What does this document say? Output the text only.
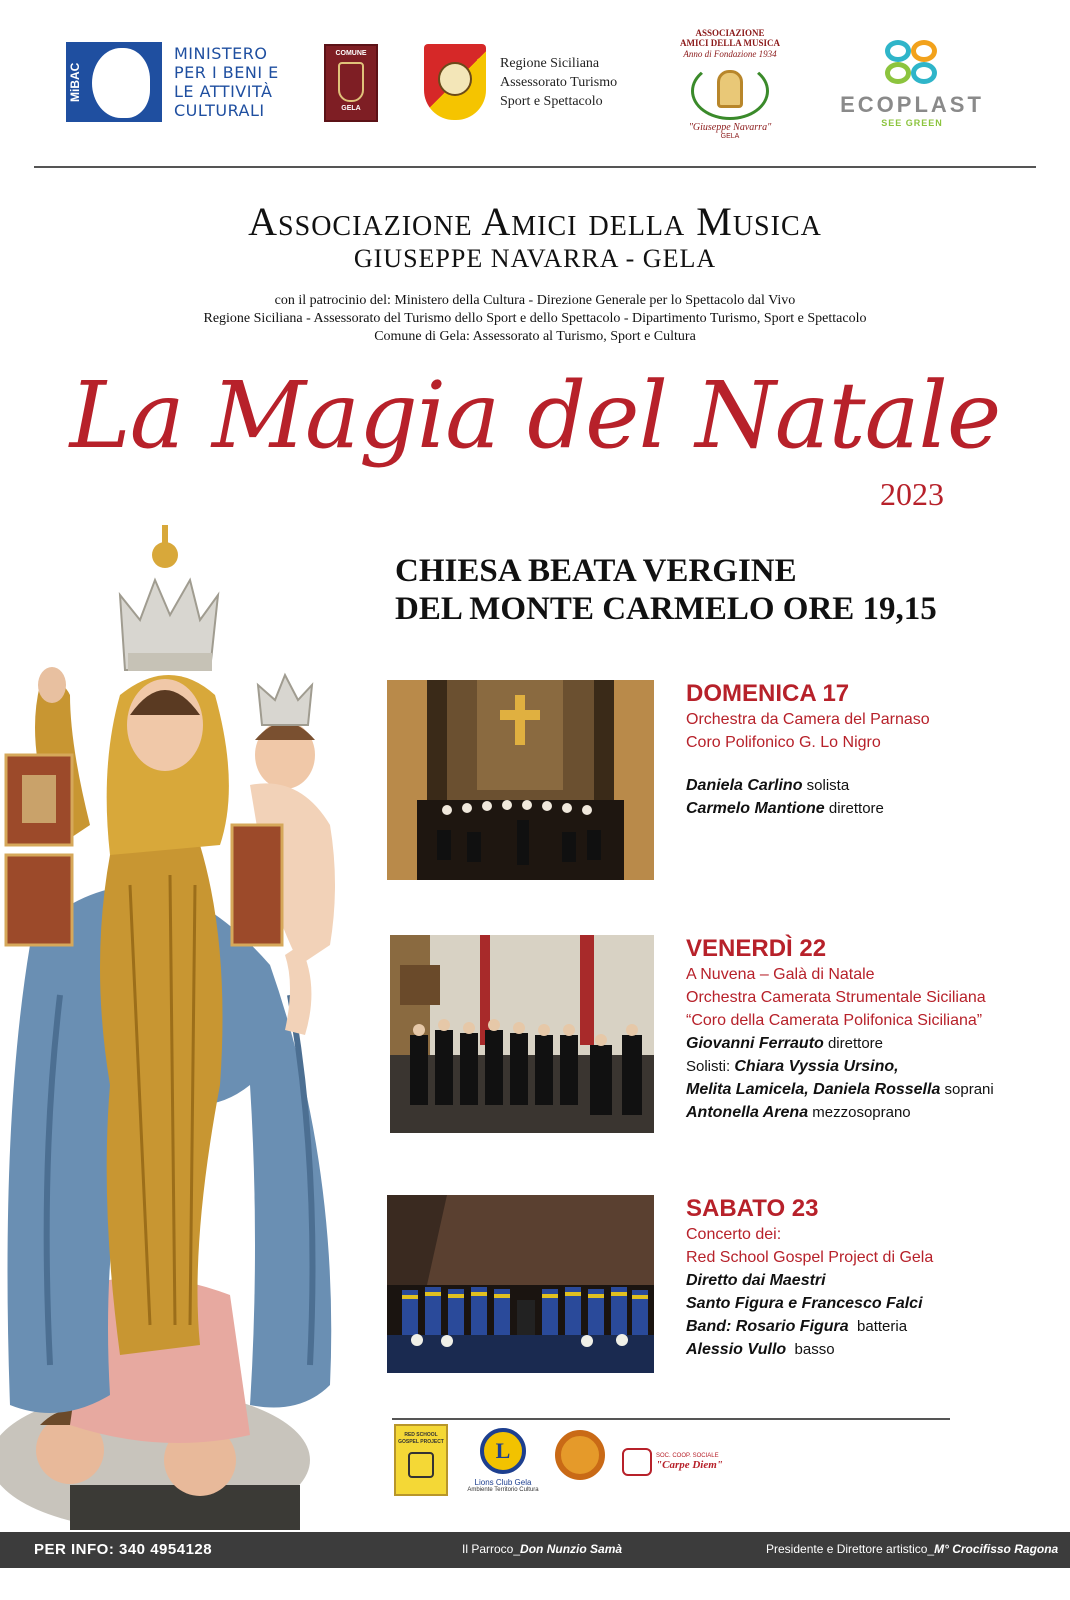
MiBAC
MINISTERO PER I BENI E LE ATTIVITÀ CULTURALI
COMUNE
GELA
Regione Siciliana
Assessorato Turismo
Sport e Spettacolo
ASSOCIAZIONE
AMICI DELLA MUSICA
Anno di Fondazione 1934
"Giuseppe Navarra"
GELA
ECOPLAST
SEE GREEN
Associazione Amici della Musica
GIUSEPPE NAVARRA - GELA
con il patrocinio del: Ministero della Cultura - Direzione Generale per lo Spettacolo dal Vivo
Regione Siciliana - Assessorato del Turismo dello Sport e dello Spettacolo - Dipartimento Turismo, Sport e Spettacolo
Comune di Gela: Assessorato al Turismo, Sport e Cultura
La Magia del Natale
2023
CHIESA BEATA VERGINE
DEL MONTE CARMELO ORE 19,15
DOMENICA 17
Orchestra da Camera del Parnaso
Coro Polifonico G. Lo Nigro
Daniela Carlino solista
Carmelo Mantione direttore
VENERDÌ 22
A Nuvena – Galà di Natale
Orchestra Camerata Strumentale Siciliana
“Coro della Camerata Polifonica Siciliana”
Giovanni Ferrauto direttore
Solisti: Chiara Vyssia Ursino,
Melita Lamicela, Daniela Rossella soprani
Antonella Arena mezzosoprano
SABATO 23
Concerto dei:
Red School Gospel Project di Gela
Diretto dai Maestri
Santo Figura e Francesco Falci
Band: Rosario Figura batteria
Alessio Vullo basso
RED SCHOOL GOSPEL PROJECT	L
Lions Club Gela
Ambiente Territorio Cultura
SOC. COOP. SOCIALE
"Carpe Diem"
PER INFO: 340 4954128	Il Parroco_Don Nunzio Samà	Presidente e Direttore artistico_M° Crocifisso Ragona
